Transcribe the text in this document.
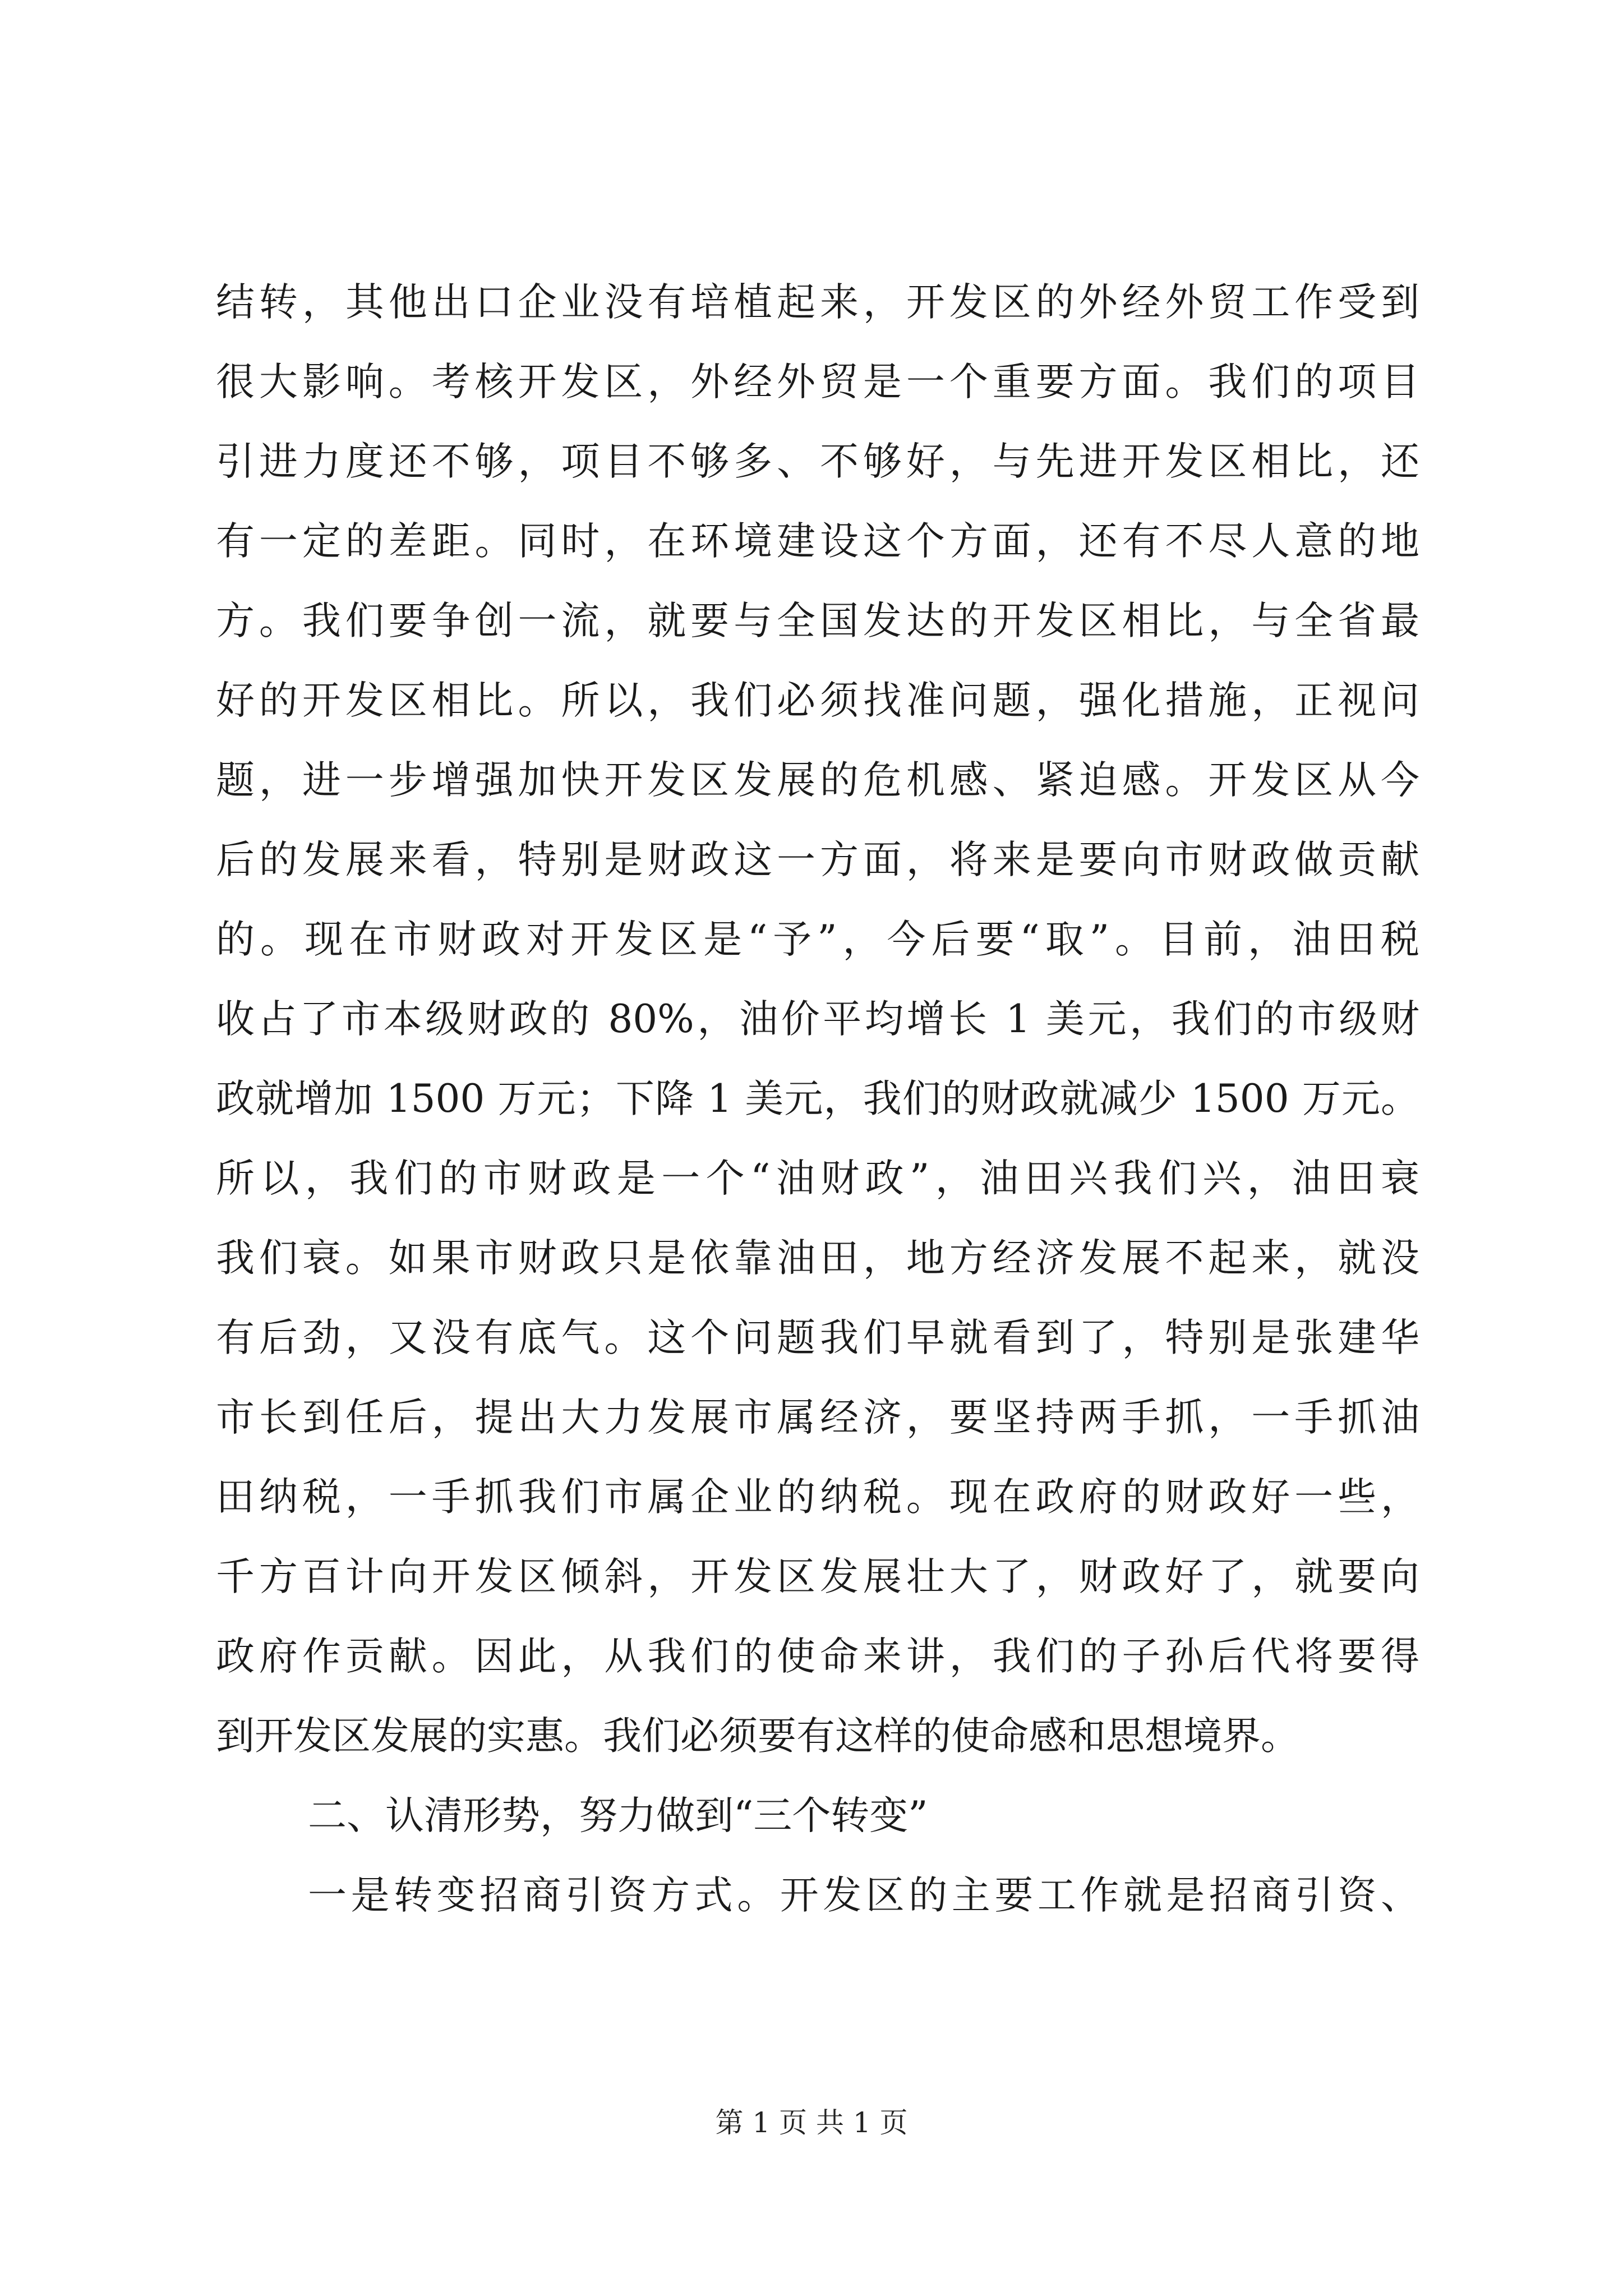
结转，其他出口企业没有培植起来，开发区的外经外贸工作受到
很大影响。考核开发区，外经外贸是一个重要方面。我们的项目
引进力度还不够，项目不够多、不够好，与先进开发区相比，还
有一定的差距。同时，在环境建设这个方面，还有不尽人意的地
方。我们要争创一流，就要与全国发达的开发区相比，与全省最
好的开发区相比。所以，我们必须找准问题，强化措施，正视问
题，进一步增强加快开发区发展的危机感、紧迫感。开发区从今
后的发展来看，特别是财政这一方面，将来是要向市财政做贡献
的。现在市财政对开发区是“予”，今后要“取”。目前，油田税
收占了市本级财政的 80%，油价平均增长 1 美元，我们的市级财
政就增加 1500 万元；下降 1 美元，我们的财政就减少 1500 万元。
所以，我们的市财政是一个“油财政”，油田兴我们兴，油田衰
我们衰。如果市财政只是依靠油田，地方经济发展不起来，就没
有后劲，又没有底气。这个问题我们早就看到了，特别是张建华
市长到任后，提出大力发展市属经济，要坚持两手抓，一手抓油
田纳税，一手抓我们市属企业的纳税。现在政府的财政好一些，
千方百计向开发区倾斜，开发区发展壮大了，财政好了，就要向
政府作贡献。因此，从我们的使命来讲，我们的子孙后代将要得
到开发区发展的实惠。我们必须要有这样的使命感和思想境界。
二、认清形势，努力做到“三个转变”
一是转变招商引资方式。开发区的主要工作就是招商引资、
第 1 页 共 1 页
